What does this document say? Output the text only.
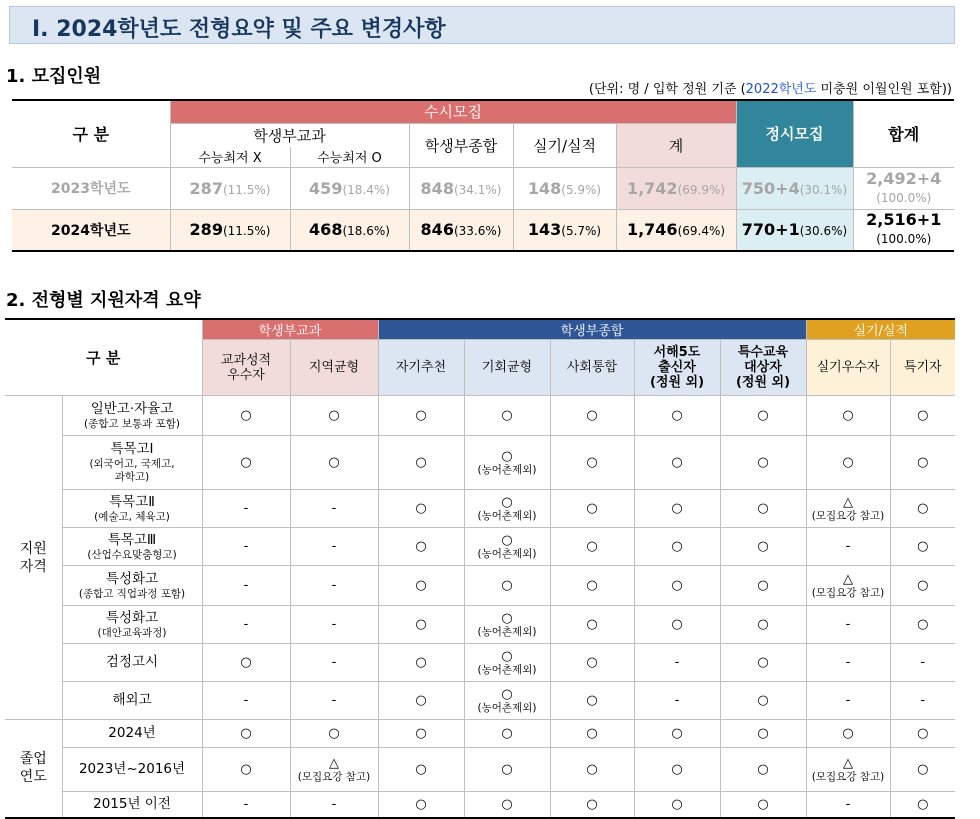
Ⅰ. 2024학년도 전형요약 및 주요 변경사항
1. 모집인원
(단위: 명 / 입학 정원 기준 (2022학년도 미충원 이월인원 포함))
구 분	수시모집					정시모집	합계
	학생부교과		학생부종합	실기/실적	계		
	수능최저 X	수능최저 O					
2023학년도	287(11.5%)	459(18.4%)	848(34.1%)	148(5.9%)	1,742(69.9%)	750+4(30.1%)	2,492+4
(100.0%)
2024학년도	289(11.5%)	468(18.6%)	846(33.6%)	143(5.7%)	1,746(69.4%)	770+1(30.6%)	2,516+1
(100.0%)
2. 전형별 지원자격 요약
구 분		학생부교과		학생부종합					실기/실적	
		교과성적
우수자	지역균형	자기추천	기회균형	사회통합	서해5도
출신자
(정원 외)	특수교육
대상자
(정원 외)	실기우수자	특기자
지원
자격	일반고·자율고
(종합고 보통과 포함)	○	○	○	○	○	○	○	○	○

	특목고Ⅰ
(외국어고, 국제고,
과학고)	○	○	○	○
(농어촌제외)	○	○	○	○	○

	특목고Ⅱ
(예술고, 체육고)	-	-	○	○
(농어촌제외)	○	○	○	△
(모집요강 참고)	○

	특목고Ⅲ
(산업수요맞춤형고)	-	-	○	○
(농어촌제외)	○	○	○	-	○

	특성화고
(종합고 직업과정 포함)	-	-	○	○	○	○	○	△
(모집요강 참고)	○

	특성화고
(대안교육과정)	-	-	○	○
(농어촌제외)	○	○	○	-	○

	검정고시	○	-	○	○
(농어촌제외)	○	-	○	-	-

	해외고	-	-	○	○
(농어촌제외)	○	-	○	-	-

졸업
연도	2024년	○	○	○	○	○	○	○	○	○

	2023년~2016년	○	△
(모집요강 참고)	○	○	○	○	○	△
(모집요강 참고)	○

	2015년 이전	-	-	○	○	○	○	○	-	○
